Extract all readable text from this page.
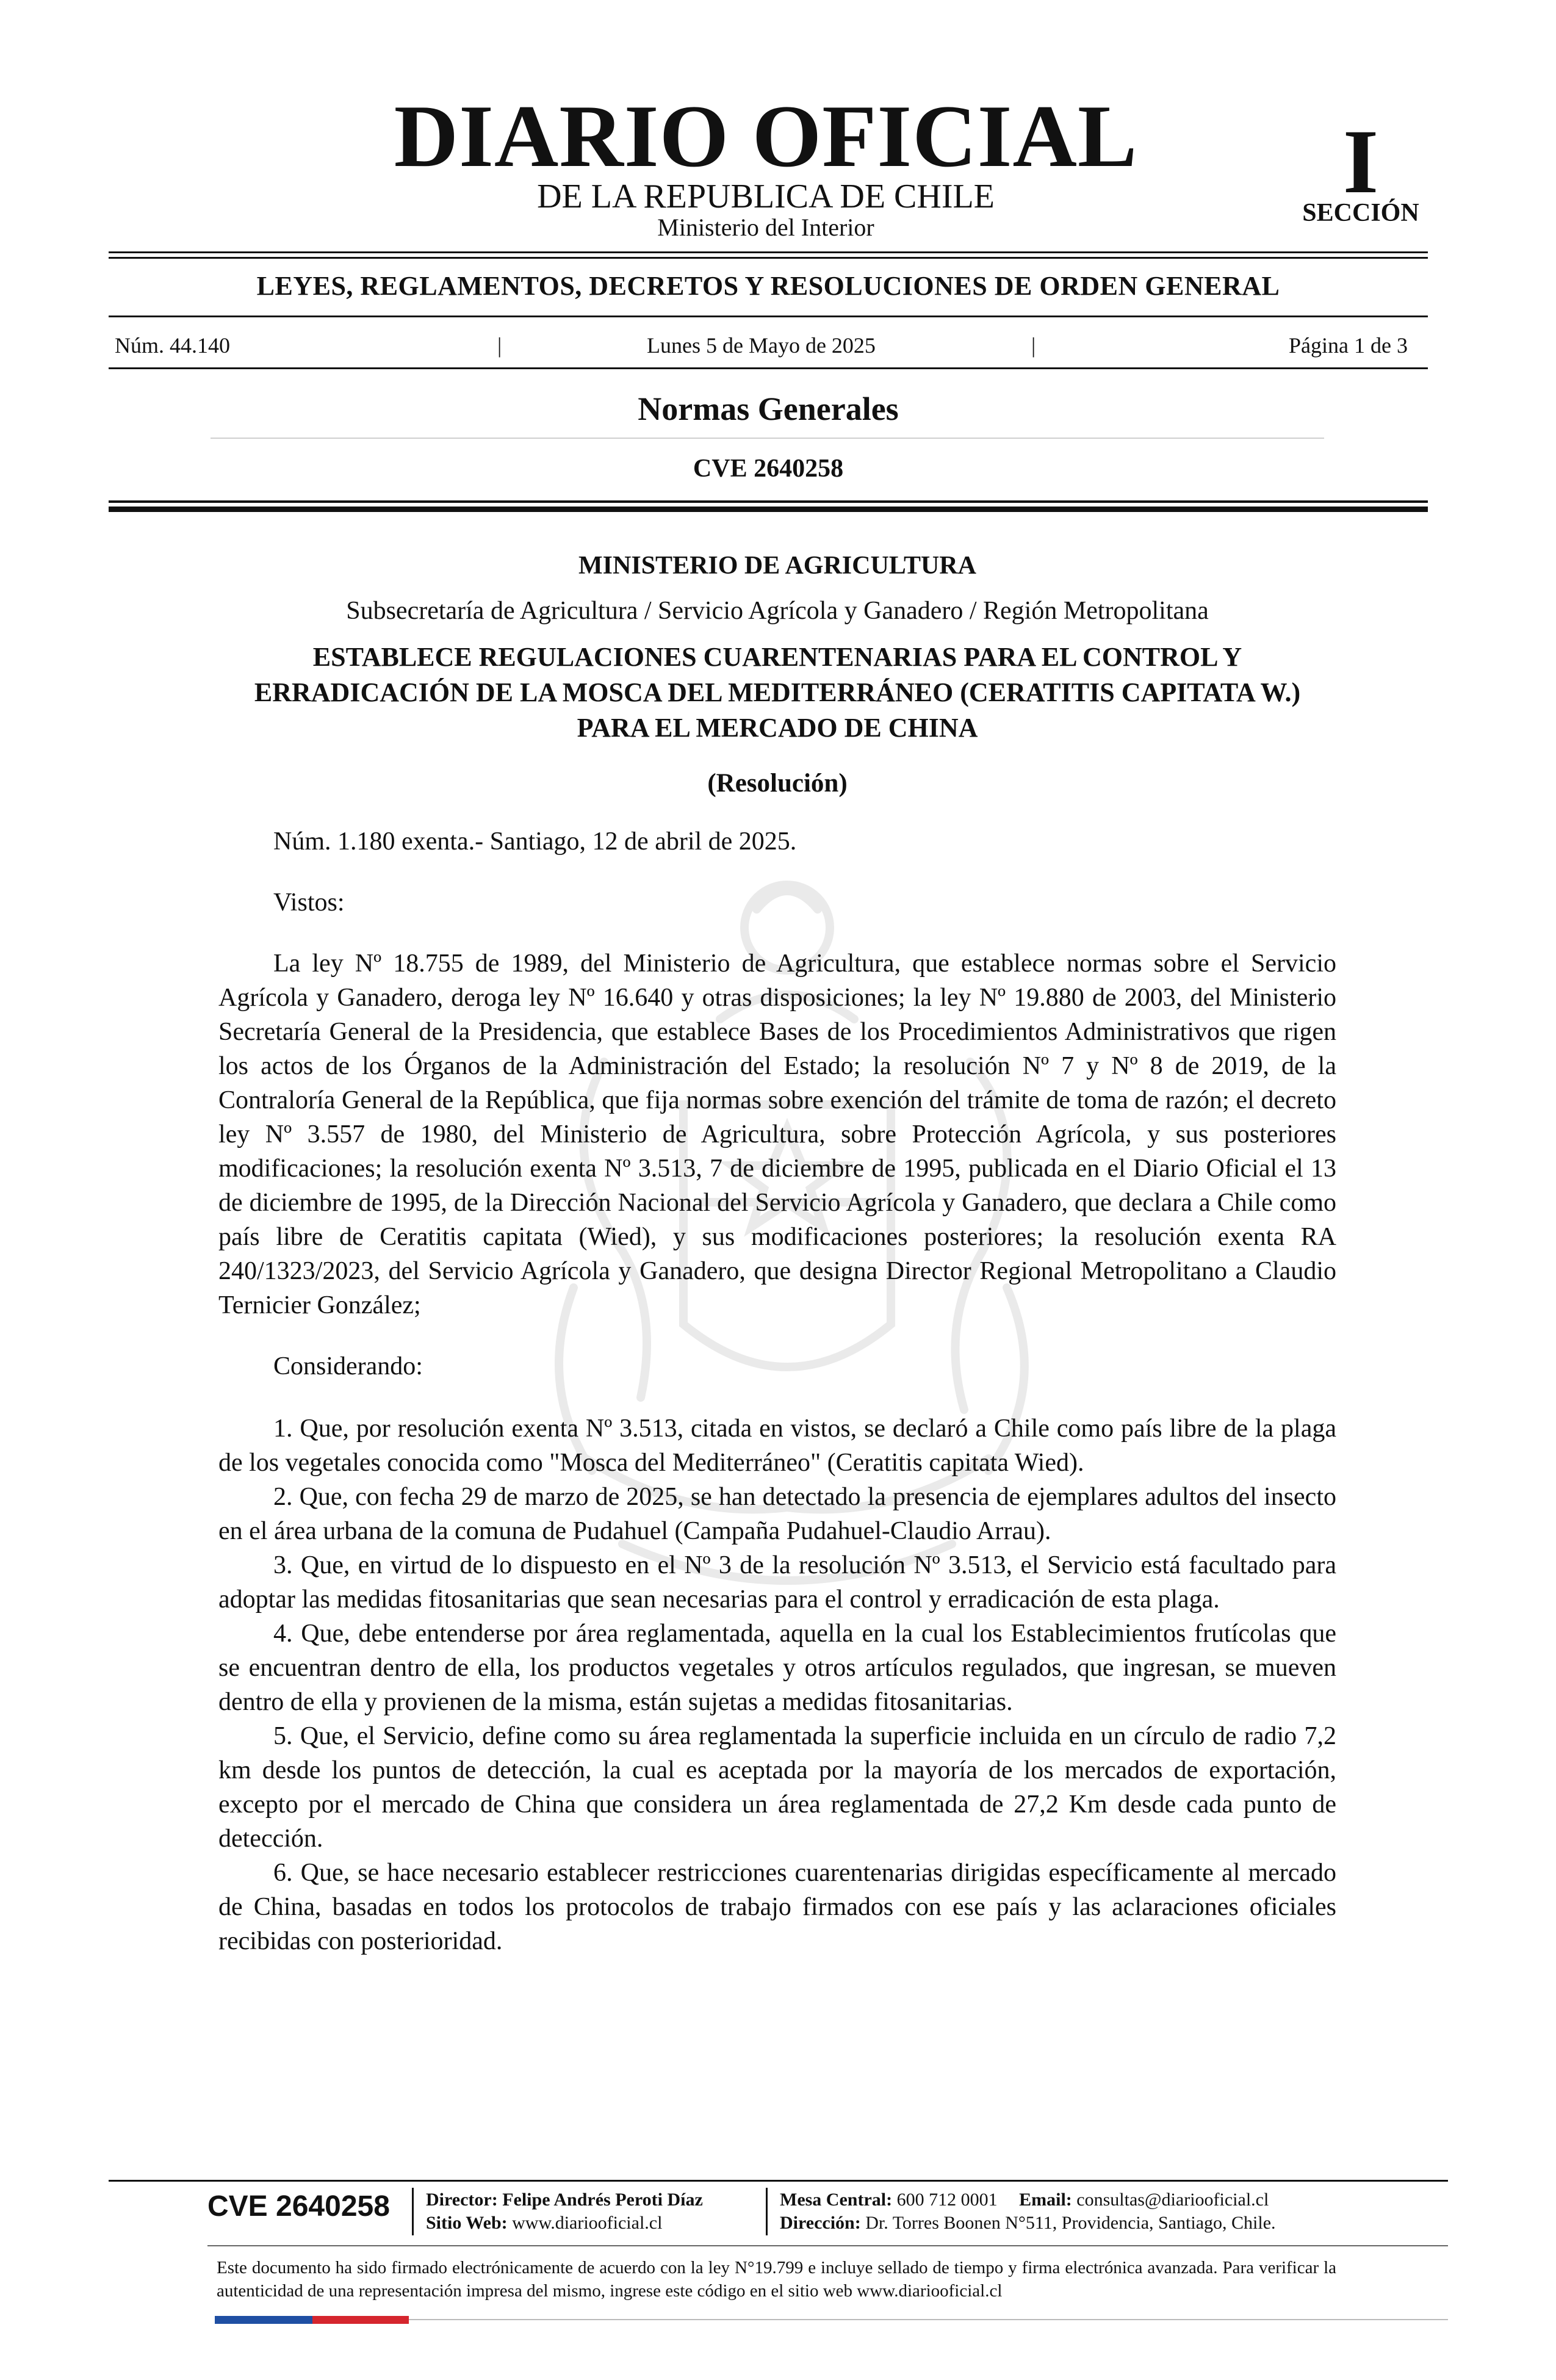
DIARIO OFICIAL
DE LA REPUBLICA DE CHILE
Ministerio del Interior
I
SECCIÓN
LEYES, REGLAMENTOS, DECRETOS Y RESOLUCIONES DE ORDEN GENERAL
Núm. 44.140	|	Lunes 5 de Mayo de 2025	|	Página 1 de 3
Normas Generales
CVE 2640258

MINISTERIO DE AGRICULTURA

Subsecretaría de Agricultura / Servicio Agrícola y Ganadero / Región Metropolitana

ESTABLECE REGULACIONES CUARENTENARIAS PARA EL CONTROL Y ERRADICACIÓN DE LA MOSCA DEL MEDITERRÁNEO (CERATITIS CAPITATA W.) PARA EL MERCADO DE CHINA

(Resolución)

Núm. 1.180 exenta.- Santiago, 12 de abril de 2025.

Vistos:

La ley Nº 18.755 de 1989, del Ministerio de Agricultura, que establece normas sobre el Servicio Agrícola y Ganadero, deroga ley Nº 16.640 y otras disposiciones; la ley Nº 19.880 de 2003, del Ministerio Secretaría General de la Presidencia, que establece Bases de los Procedimientos Administrativos que rigen los actos de los Órganos de la Administración del Estado; la resolución Nº 7 y Nº 8 de 2019, de la Contraloría General de la República, que fija normas sobre exención del trámite de toma de razón; el decreto ley Nº 3.557 de 1980, del Ministerio de Agricultura, sobre Protección Agrícola, y sus posteriores modificaciones; la resolución exenta Nº 3.513, 7 de diciembre de 1995, publicada en el Diario Oficial el 13 de diciembre de 1995, de la Dirección Nacional del Servicio Agrícola y Ganadero, que declara a Chile como país libre de Ceratitis capitata (Wied), y sus modificaciones posteriores; la resolución exenta RA 240/1323/2023, del Servicio Agrícola y Ganadero, que designa Director Regional Metropolitano a Claudio Ternicier González;

Considerando:

1. Que, por resolución exenta Nº 3.513, citada en vistos, se declaró a Chile como país libre de la plaga de los vegetales conocida como "Mosca del Mediterráneo" (Ceratitis capitata Wied).

2. Que, con fecha 29 de marzo de 2025, se han detectado la presencia de ejemplares adultos del insecto en el área urbana de la comuna de Pudahuel (Campaña Pudahuel-Claudio Arrau).

3. Que, en virtud de lo dispuesto en el Nº 3 de la resolución Nº 3.513, el Servicio está facultado para adoptar las medidas fitosanitarias que sean necesarias para el control y erradicación de esta plaga.

4. Que, debe entenderse por área reglamentada, aquella en la cual los Establecimientos frutícolas que se encuentran dentro de ella, los productos vegetales y otros artículos regulados, que ingresan, se mueven dentro de ella y provienen de la misma, están sujetas a medidas fitosanitarias.

5. Que, el Servicio, define como su área reglamentada la superficie incluida en un círculo de radio 7,2 km desde los puntos de detección, la cual es aceptada por la mayoría de los mercados de exportación, excepto por el mercado de China que considera un área reglamentada de 27,2 Km desde cada punto de detección.

6. Que, se hace necesario establecer restricciones cuarentenarias dirigidas específicamente al mercado de China, basadas en todos los protocolos de trabajo firmados con ese país y las aclaraciones oficiales recibidas con posterioridad.

CVE 2640258 Director: Felipe Andrés Peroti Díaz
Sitio Web: www.diariooficial.cl
Mesa Central: 600 712 0001 Email: consultas@diariooficial.cl
Dirección: Dr. Torres Boonen N°511, Providencia, Santiago, Chile.
Este documento ha sido firmado electrónicamente de acuerdo con la ley N°19.799 e incluye sellado de tiempo y firma electrónica avanzada. Para verificar la autenticidad de una representación impresa del mismo, ingrese este código en el sitio web www.diariooficial.cl
